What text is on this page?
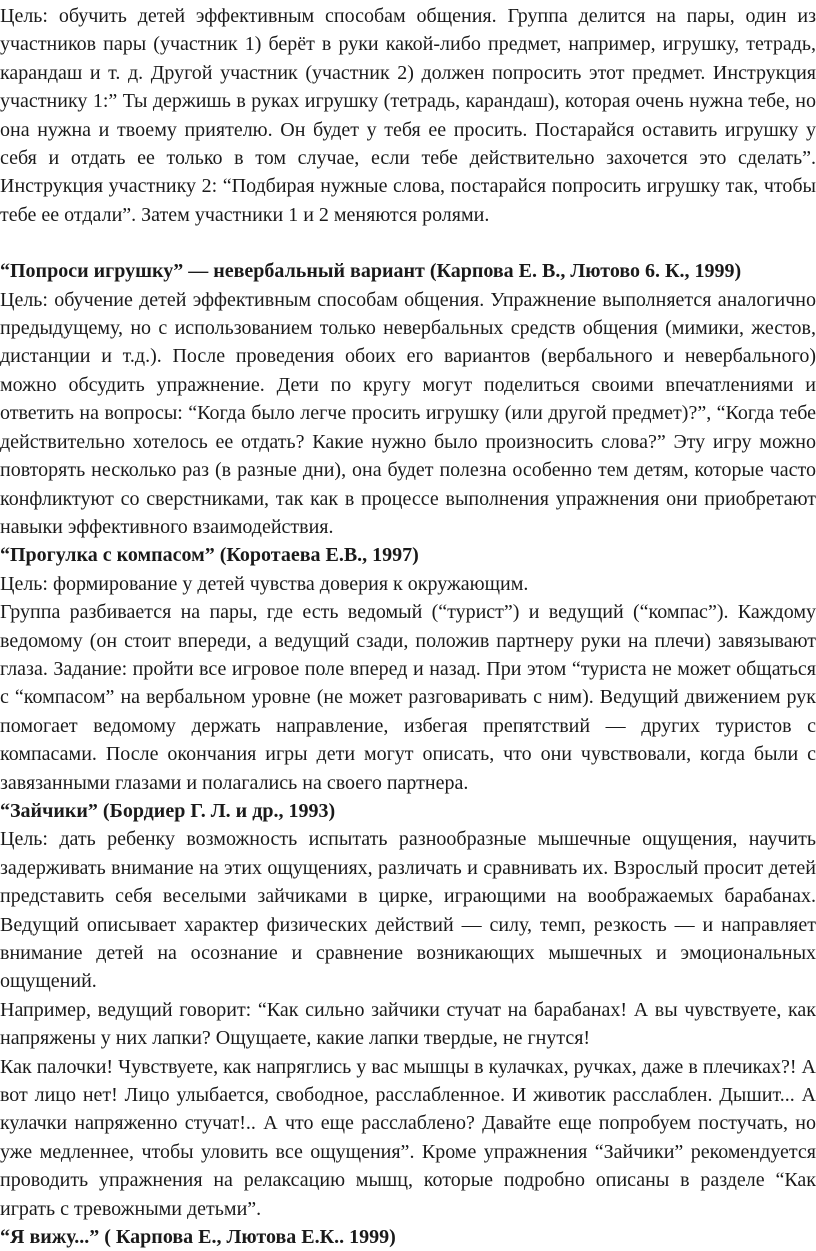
Цель: обучить детей эффективным способам общения. Группа делится на пары, один из участников пары (участник 1) берёт в руки какой-либо предмет, например, игрушку, тетрадь, карандаш и т. д. Другой участник (участник 2) должен попросить этот предмет. Инструкция участнику 1:” Ты держишь в руках игрушку (тетрадь, карандаш), которая очень нужна тебе, но она нужна и твоему приятелю. Он будет у тебя ее просить. Постарайся оставить игрушку у себя и отдать ее только в том случае, если тебе действительно захочется это сделать”. Инструкция участнику 2: “Подбирая нужные слова, постарайся попросить игрушку так, чтобы тебе ее отдали”. Затем участники 1 и 2 меняются ролями.

“Попроси игрушку” — невербальный вариант (Карпова Е. В., Лютово 6. К., 1999)

Цель: обучение детей эффективным способам общения. Упражнение выполняется аналогично предыдущему, но с использованием только невербальных средств общения (мимики, жестов, дистанции и т.д.). После проведения обоих его вариантов (вербального и невербального) можно обсудить упражнение. Дети по кругу могут поделиться своими впечатлениями и ответить на вопросы: “Когда было легче просить игрушку (или другой предмет)?”, “Когда тебе действительно хотелось ее отдать? Какие нужно было произносить слова?” Эту игру можно повторять несколько раз (в разные дни), она будет полезна особенно тем детям, которые часто конфликтуют со сверстниками, так как в процессе выполнения упражнения они приобретают навыки эффективного взаимодействия.

“Прогулка с компасом” (Коротаева Е.В., 1997)

Цель: формирование у детей чувства доверия к окружающим.

Группа разбивается на пары, где есть ведомый (“турист”) и ведущий (“компас”). Каждому ведомому (он стоит впереди, а ведущий сзади, положив партнеру руки на плечи) завязывают глаза. Задание: пройти все игровое поле вперед и назад. При этом “туриста не может общаться с “компасом” на вербальном уровне (не может разговаривать с ним). Ведущий движением рук помогает ведомому держать направление, избегая препятствий — других туристов с компасами. После окончания игры дети могут описать, что они чувствовали, когда были с завязанными глазами и полагались на своего партнера.

“Зайчики” (Бордиер Г. Л. и др., 1993)

Цель: дать ребенку возможность испытать разнообразные мышечные ощущения, научить задерживать внимание на этих ощущениях, различать и сравнивать их. Взрослый просит детей представить себя веселыми зайчиками в цирке, играющими на воображаемых барабанах. Ведущий описывает характер физических действий — силу, темп, резкость — и направляет внимание детей на осознание и сравнение возникающих мышечных и эмоциональных ощущений.

Например, ведущий говорит: “Как сильно зайчики стучат на барабанах! А вы чувствуете, как напряжены у них лапки? Ощущаете, какие лапки твердые, не гнутся!

Как палочки! Чувствуете, как напряглись у вас мышцы в кулачках, ручках, даже в плечиках?! А вот лицо нет! Лицо улыбается, свободное, расслабленное. И животик расслаблен. Дышит... А кулачки напряженно стучат!.. А что еще расслаблено? Давайте еще попробуем постучать, но уже медленнее, чтобы уловить все ощущения”. Кроме упражнения “Зайчики” рекомендуется проводить упражнения на релаксацию мышц, которые подробно описаны в разделе “Как играть с тревожными детьми”.

“Я вижу...” ( Карпова Е., Лютова Е.К.. 1999)
